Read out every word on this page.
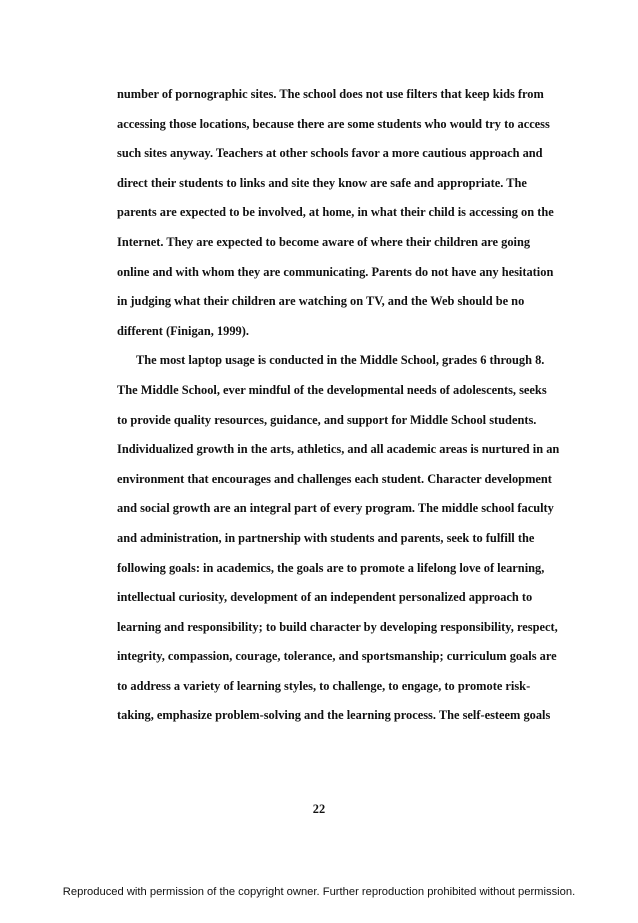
number of pornographic sites. The school does not use filters that keep kids from
accessing those locations, because there are some students who would try to access
such sites anyway. Teachers at other schools favor a more cautious approach and
direct their students to links and site they know are safe and appropriate. The
parents are expected to be involved, at home, in what their child is accessing on the
Internet. They are expected to become aware of where their children are going
online and with whom they are communicating. Parents do not have any hesitation
in judging what their children are watching on TV, and the Web should be no
different (Finigan, 1999).
The most laptop usage is conducted in the Middle School, grades 6 through 8.
The Middle School, ever mindful of the developmental needs of adolescents, seeks
to provide quality resources, guidance, and support for Middle School students.
Individualized growth in the arts, athletics, and all academic areas is nurtured in an
environment that encourages and challenges each student. Character development
and social growth are an integral part of every program. The middle school faculty
and administration, in partnership with students and parents, seek to fulfill the
following goals: in academics, the goals are to promote a lifelong love of learning,
intellectual curiosity, development of an independent personalized approach to
learning and responsibility; to build character by developing responsibility, respect,
integrity, compassion, courage, tolerance, and sportsmanship; curriculum goals are
to address a variety of learning styles, to challenge, to engage, to promote risk-
taking, emphasize problem-solving and the learning process. The self-esteem goals
22
Reproduced with permission of the copyright owner. Further reproduction prohibited without permission.
